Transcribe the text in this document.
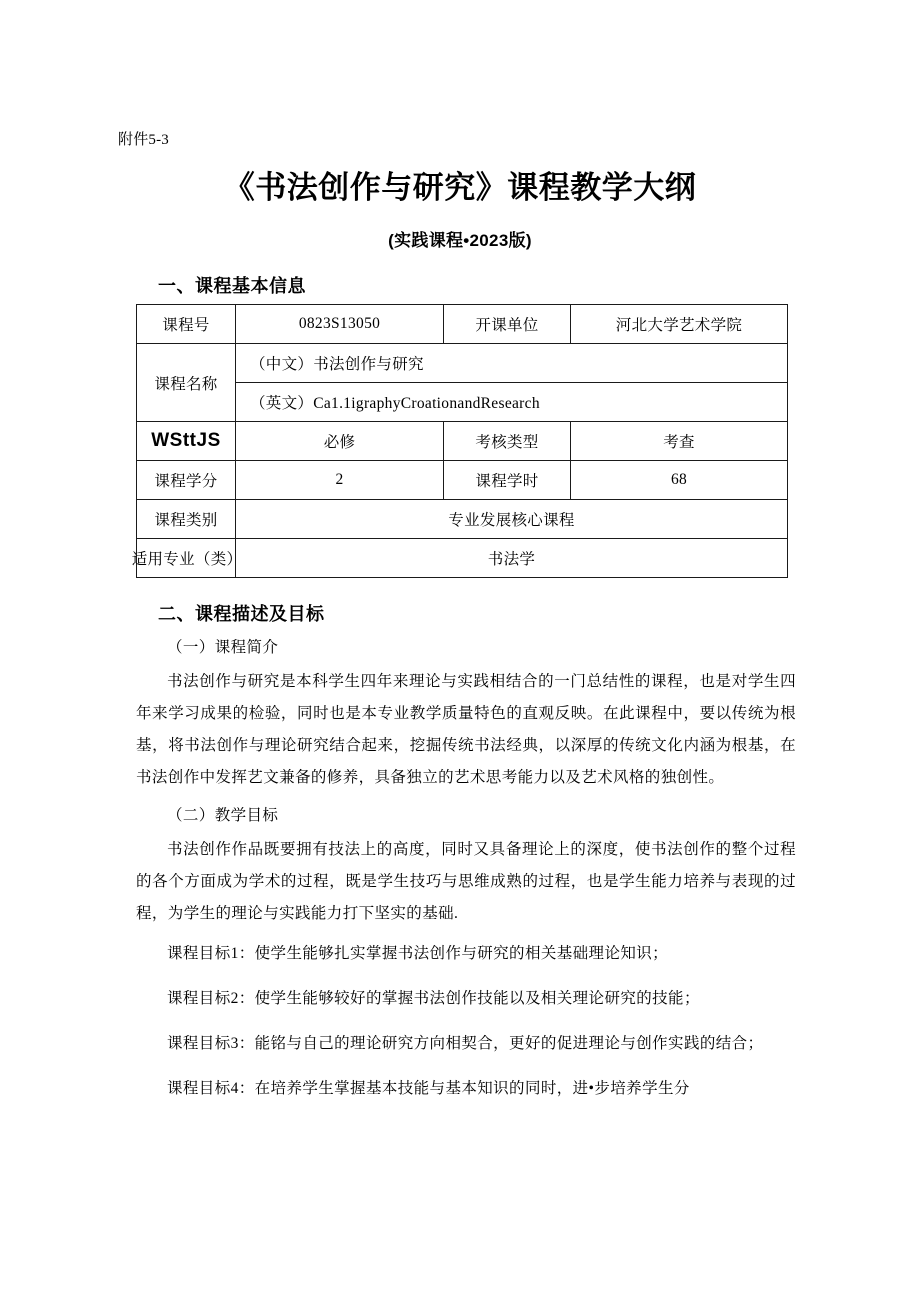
附件5-3
《书法创作与研究》课程教学大纲
(实践课程•2023版)
一、课程基本信息
课程号	0823S13050	开课单位	河北大学艺术学院
课程名称	（中文）书法创作与研究		
	（英文）Ca1.1igraphyCroationandResearch		
WSttJS	必修	考核类型	考查
课程学分	2	课程学时	68
课程类别	专业发展核心课程		

适用专业（类）	书法学		
二、课程描述及目标
（一）课程简介
书法创作与研究是本科学生四年来理论与实践相结合的一门总结性的课程，也是对学生四年来学习成果的检验，同时也是本专业教学质量特色的直观反映。在此课程中，要以传统为根基，将书法创作与理论研究结合起来，挖掘传统书法经典，以深厚的传统文化内涵为根基，在书法创作中发挥艺文兼备的修养，具备独立的艺术思考能力以及艺术风格的独创性。
（二）教学目标
书法创作作品既要拥有技法上的高度，同时又具备理论上的深度，使书法创作的整个过程的各个方面成为学术的过程，既是学生技巧与思维成熟的过程，也是学生能力培养与表现的过程，为学生的理论与实践能力打下坚实的基础.
课程目标1：使学生能够扎实掌握书法创作与研究的相关基础理论知识；
课程目标2：使学生能够较好的掌握书法创作技能以及相关理论研究的技能；
课程目标3：能铭与自己的理论研究方向相契合，更好的促进理论与创作实践的结合；
课程目标4：在培养学生掌握基本技能与基本知识的同时，进•步培养学生分
